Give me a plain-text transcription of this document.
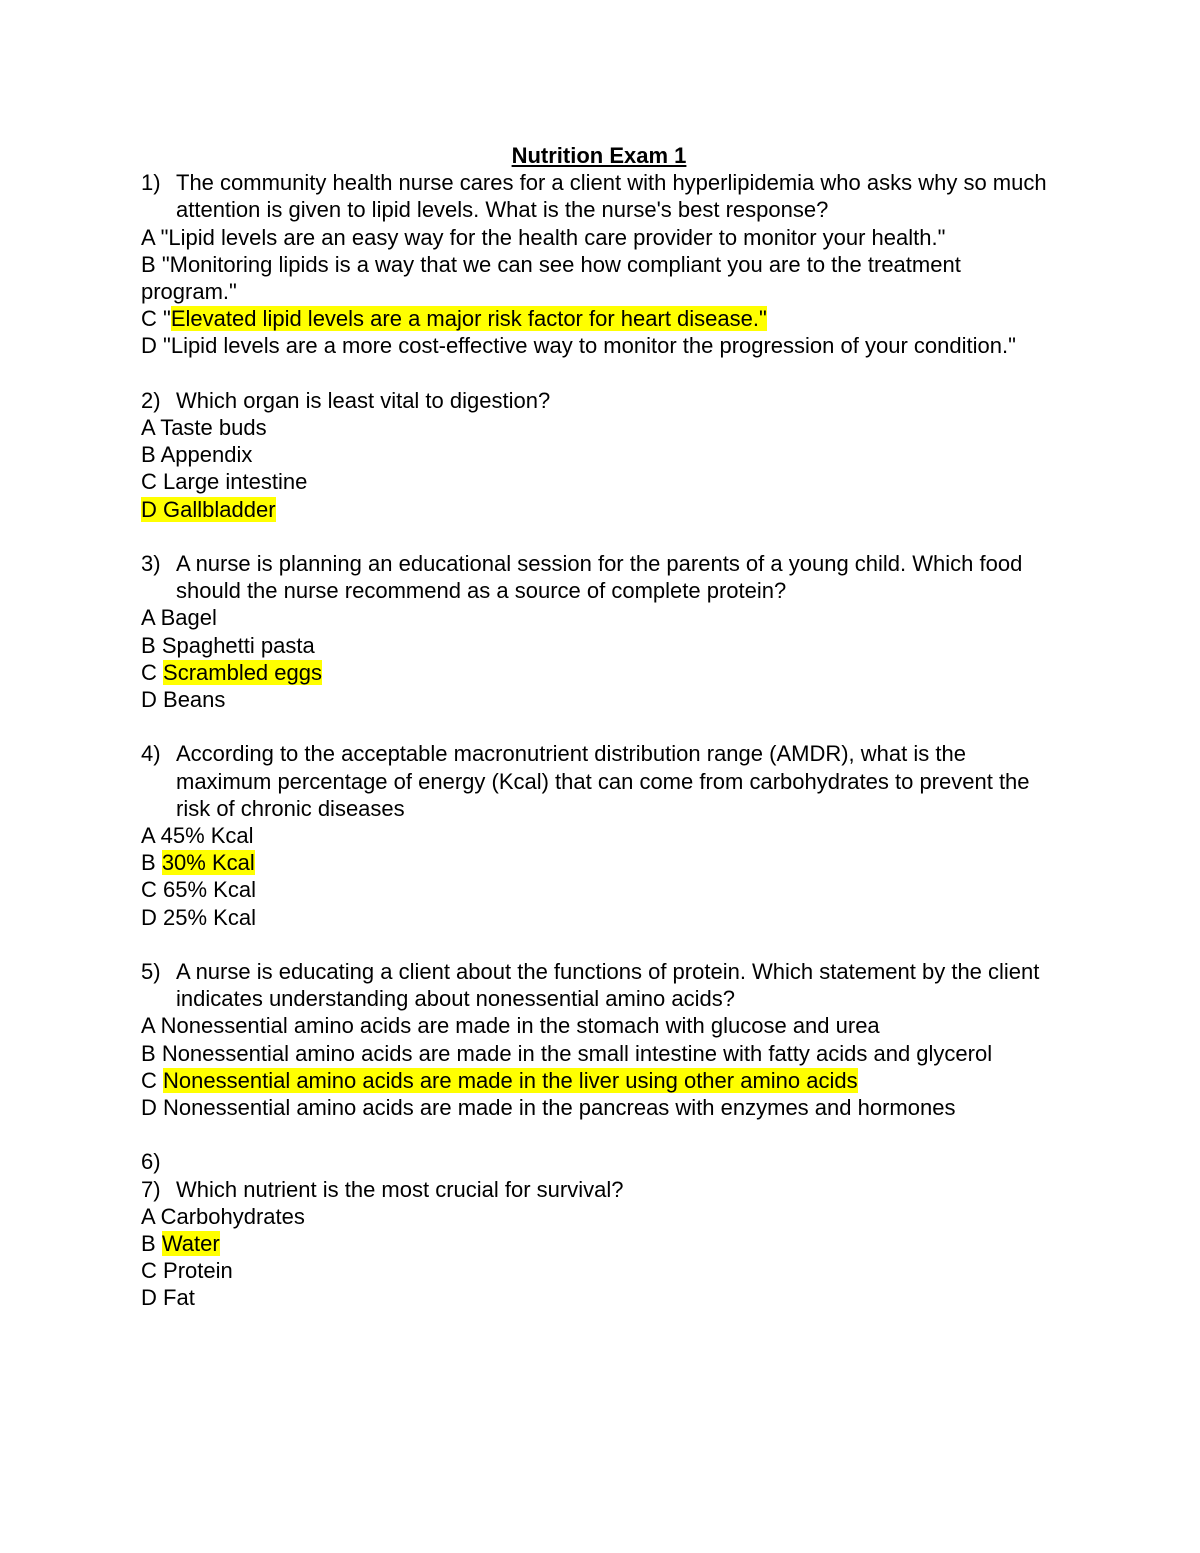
Nutrition Exam 1
1) The community health nurse cares for a client with hyperlipidemia who asks why so much attention is given to lipid levels. What is the nurse's best response?
A "Lipid levels are an easy way for the health care provider to monitor your health."
B "Monitoring lipids is a way that we can see how compliant you are to the treatment program."
C "Elevated lipid levels are a major risk factor for heart disease."
D "Lipid levels are a more cost-effective way to monitor the progression of your condition."
2) Which organ is least vital to digestion?
A Taste buds
B Appendix
C Large intestine
D Gallbladder
3) A nurse is planning an educational session for the parents of a young child. Which food should the nurse recommend as a source of complete protein?
A Bagel
B Spaghetti pasta
C Scrambled eggs
D Beans
4) According to the acceptable macronutrient distribution range (AMDR), what is the maximum percentage of energy (Kcal) that can come from carbohydrates to prevent the risk of chronic diseases
A 45% Kcal
B 30% Kcal
C 65% Kcal
D 25% Kcal
5) A nurse is educating a client about the functions of protein. Which statement by the client indicates understanding about nonessential amino acids?
A Nonessential amino acids are made in the stomach with glucose and urea
B Nonessential amino acids are made in the small intestine with fatty acids and glycerol
C Nonessential amino acids are made in the liver using other amino acids
D Nonessential amino acids are made in the pancreas with enzymes and hormones
6)
7) Which nutrient is the most crucial for survival?
A Carbohydrates
B Water
C Protein
D Fat
